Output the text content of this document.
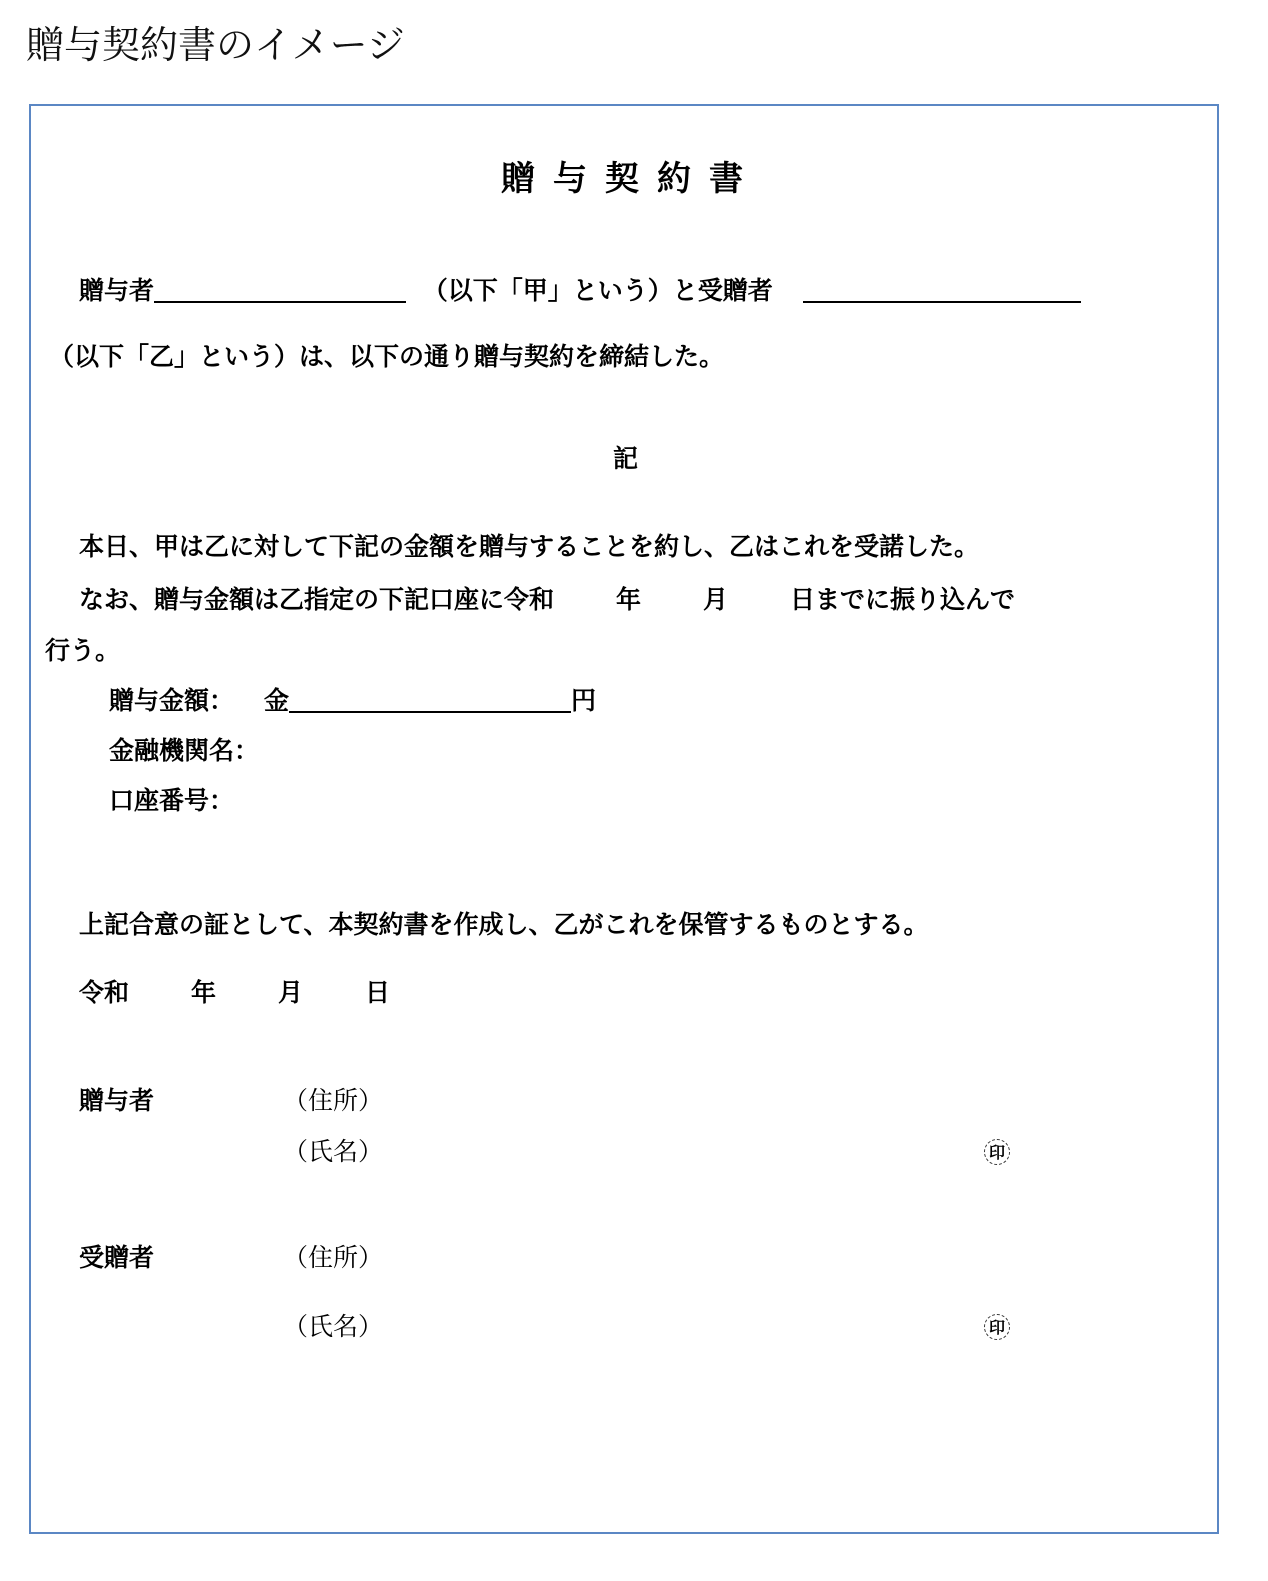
贈与契約書のイメージ
贈与契約書
贈与者	（以下「甲」という）と受贈者
（以下「乙」という）は、以下の通り贈与契約を締結した。
記
本日、甲は乙に対して下記の金額を贈与することを約し、乙はこれを受諾した。
なお、贈与金額は乙指定の下記口座に令和 年 月 日までに振り込んで
行う。
贈与金額： 金	円
金融機関名：
口座番号：
上記合意の証として、本契約書を作成し、乙がこれを保管するものとする。
令和 年 月 日
贈与者	（住所）
（氏名）	印
受贈者	（住所）
（氏名）	印
